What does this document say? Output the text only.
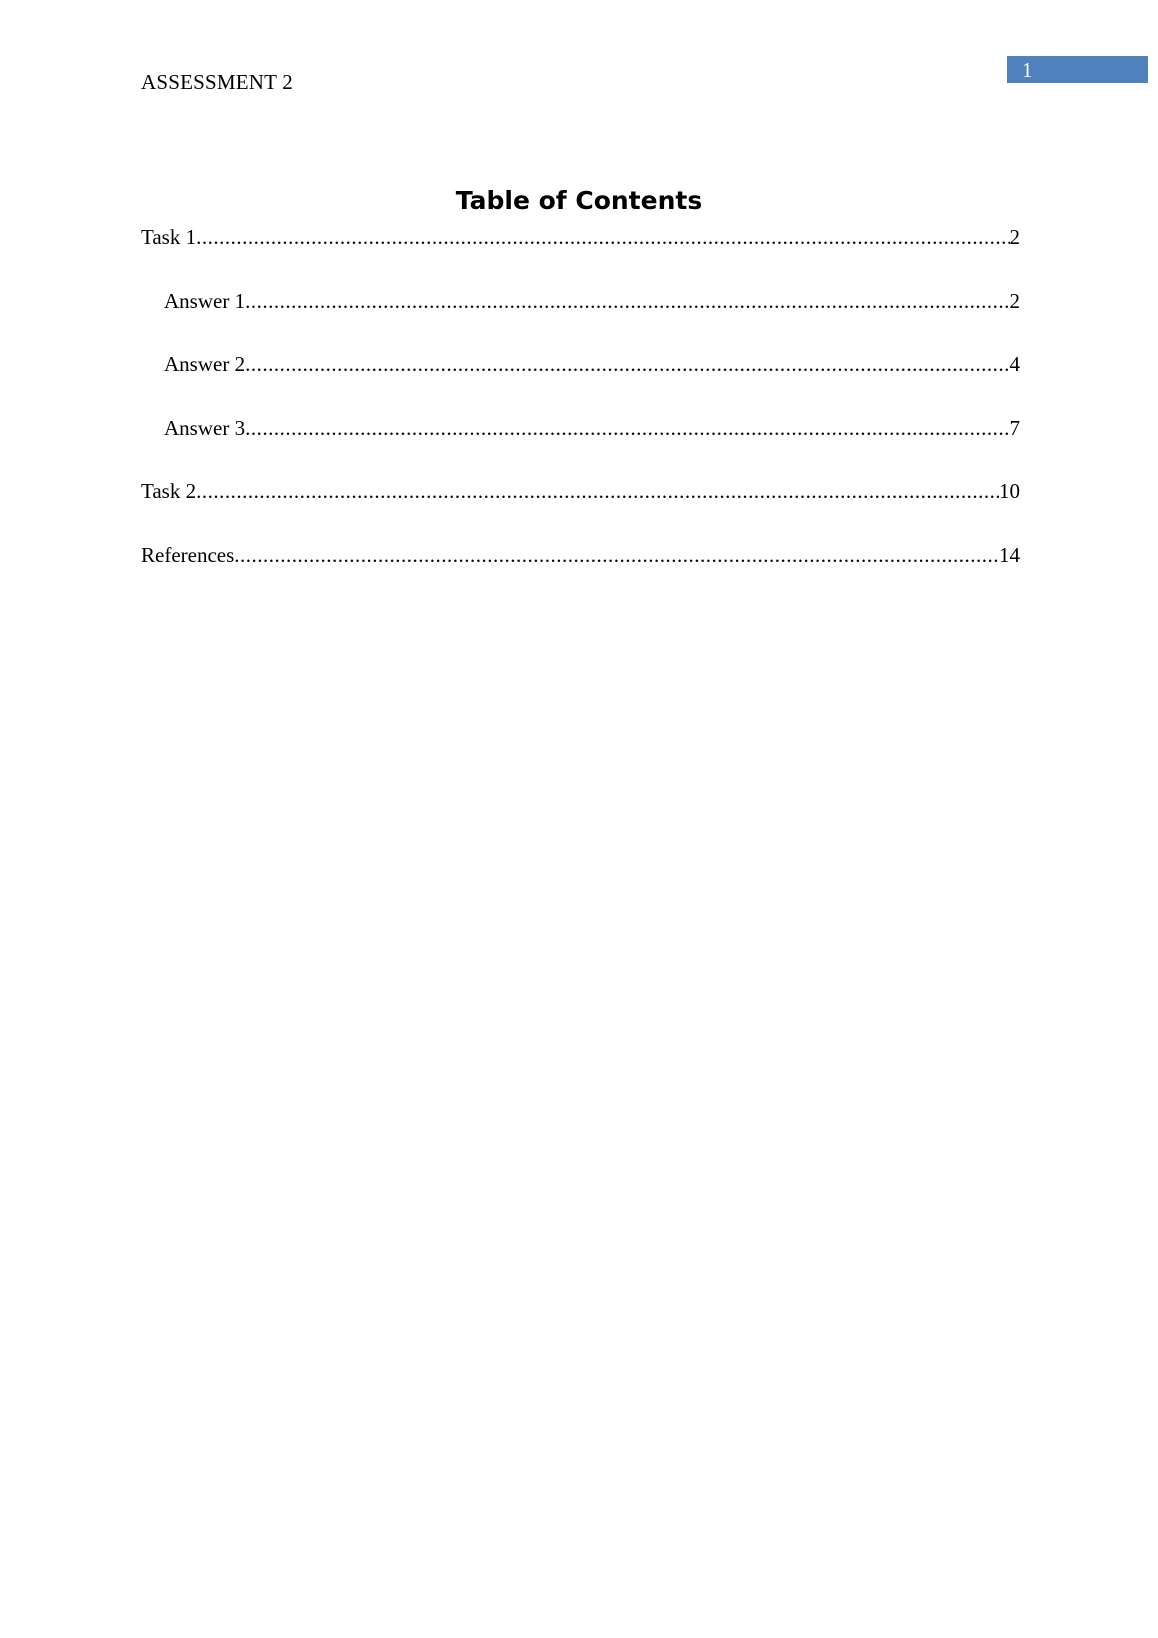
ASSESSMENT 2	1
Table of Contents
Task 1 .....	2
Answer 1 .....	2
Answer 2 .....	4
Answer 3 .....	7
Task 2 .....	10
References .....	14
